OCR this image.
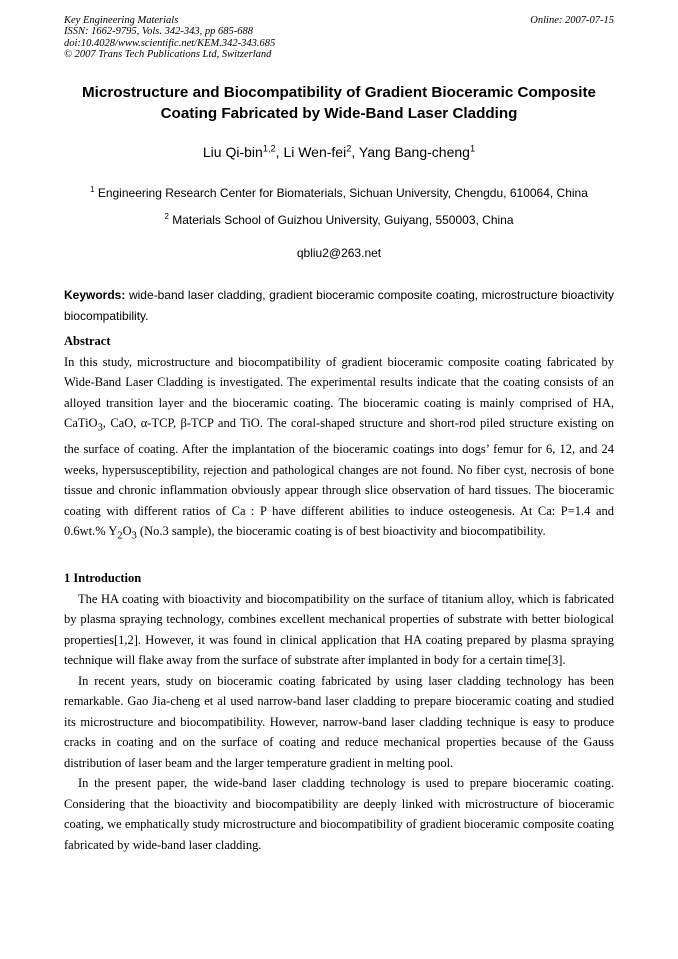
Key Engineering Materials
ISSN: 1662-9795, Vols. 342-343, pp 685-688
doi:10.4028/www.scientific.net/KEM.342-343.685
© 2007 Trans Tech Publications Ltd, Switzerland
Online: 2007-07-15
Microstructure and Biocompatibility of Gradient Bioceramic Composite
Coating Fabricated by Wide-Band Laser Cladding
Liu Qi-bin$^{1,2}$, Li Wen-fei$^2$, Yang Bang-cheng$^1$
$^1$ Engineering Research Center for Biomaterials, Sichuan University, Chengdu, 610064, China
$^2$ Materials School of Guizhou University, Guiyang, 550003, China
qbliu2@263.net
Keywords: wide-band laser cladding, gradient bioceramic composite coating, microstructure bioactivity biocompatibility.

Abstract

In this study, microstructure and biocompatibility of gradient bioceramic composite coating fabricated by Wide-Band Laser Cladding is investigated. The experimental results indicate that the coating consists of an alloyed transition layer and the bioceramic coating. The bioceramic coating is mainly comprised of HA, CaTiO$_3$, CaO, α-TCP, β-TCP and TiO. The coral-shaped structure and short-rod piled structure existing on the surface of coating. After the implantation of the bioceramic coatings into dogs’ femur for 6, 12, and 24 weeks, hypersusceptibility, rejection and pathological changes are not found. No fiber cyst, necrosis of bone tissue and chronic inflammation obviously appear through slice observation of hard tissues. The bioceramic coating with different ratios of Ca : P have different abilities to induce osteogenesis. At Ca: P=1.4 and 0.6wt.% $Y_2O_3$ (No.3 sample), the bioceramic coating is of best bioactivity and biocompatibility.

1 Introduction

The HA coating with bioactivity and biocompatibility on the surface of titanium alloy, which is fabricated by plasma spraying technology, combines excellent mechanical properties of substrate with better biological properties[1,2]. However, it was found in clinical application that HA coating prepared by plasma spraying technique will flake away from the surface of substrate after implanted in body for a certain time[3].

In recent years, study on bioceramic coating fabricated by using laser cladding technology has been remarkable. Gao Jia-cheng et al used narrow-band laser cladding to prepare bioceramic coating and studied its microstructure and biocompatibility. However, narrow-band laser cladding technique is easy to produce cracks in coating and on the surface of coating and reduce mechanical properties because of the Gauss distribution of laser beam and the larger temperature gradient in melting pool.

In the present paper, the wide-band laser cladding technology is used to prepare bioceramic coating. Considering that the bioactivity and biocompatibility are deeply linked with microstructure of bioceramic coating, we emphatically study microstructure and biocompatibility of gradient bioceramic composite coating fabricated by wide-band laser cladding.
